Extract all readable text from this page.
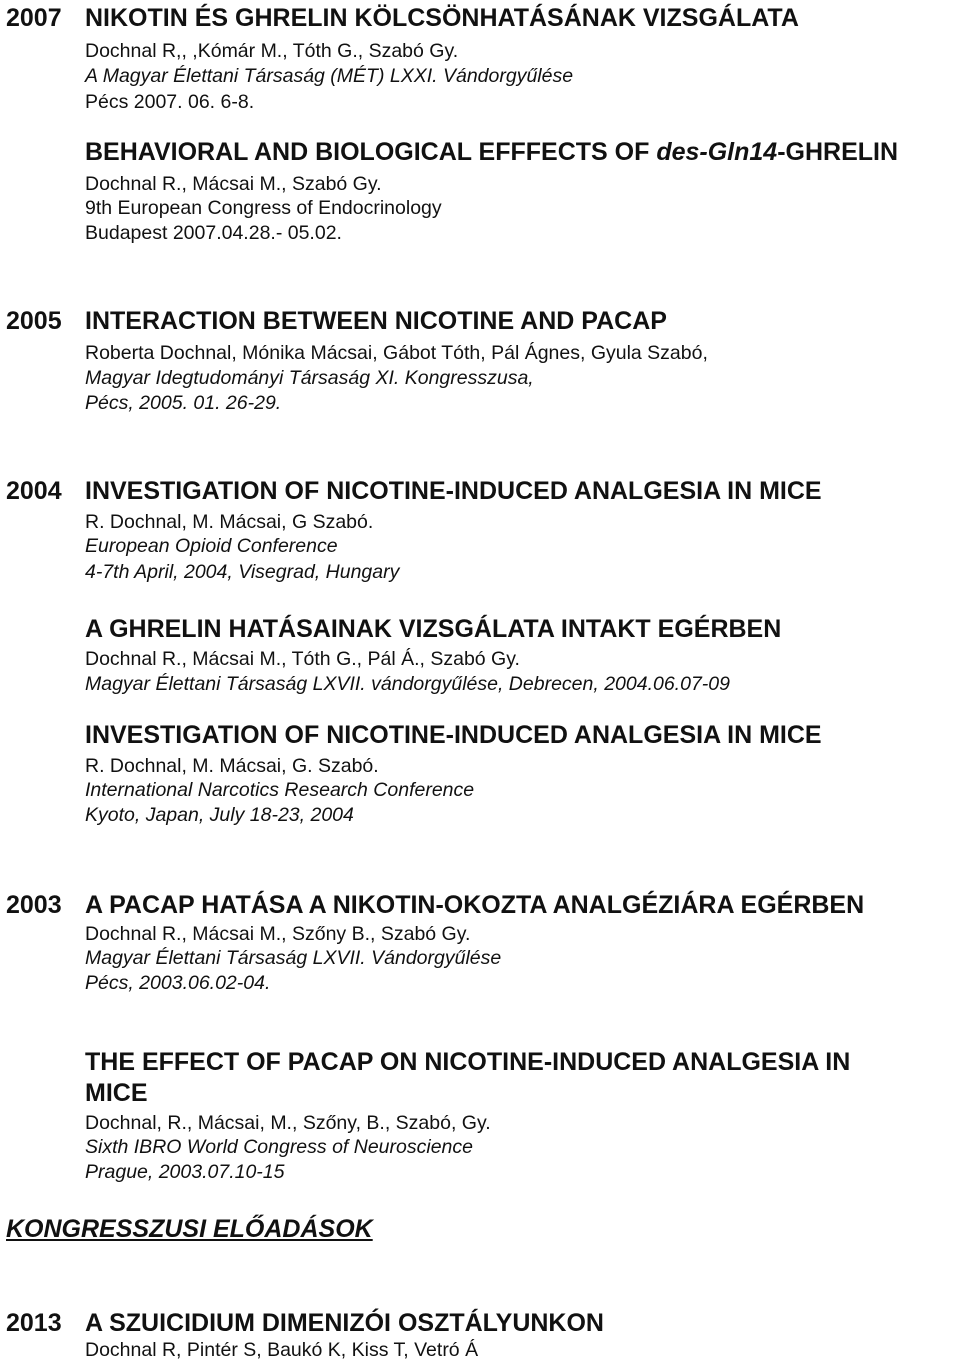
2007 NIKOTIN ÉS GHRELIN KÖLCSÖNHATÁSÁNAK VIZSGÁLATA
Dochnal R,, ,Kómár M., Tóth G., Szabó Gy.
A Magyar Élettani Társaság (MÉT) LXXI. Vándorgyűlése
Pécs 2007. 06. 6-8.
BEHAVIORAL AND BIOLOGICAL EFFFECTS OF des-Gln14-GHRELIN
Dochnal R., Mácsai M., Szabó Gy.
9th European Congress of Endocrinology
Budapest 2007.04.28.- 05.02.
2005 INTERACTION BETWEEN NICOTINE AND PACAP
Roberta Dochnal, Mónika Mácsai, Gábot Tóth, Pál Ágnes, Gyula Szabó,
Magyar Idegtudományi Társaság XI. Kongresszusa,
Pécs, 2005. 01. 26-29.
2004 INVESTIGATION OF NICOTINE-INDUCED ANALGESIA IN MICE
R. Dochnal, M. Mácsai, G Szabó.
European Opioid Conference
4-7th April, 2004, Visegrad, Hungary
A GHRELIN HATÁSAINAK VIZSGÁLATA INTAKT EGÉRBEN
Dochnal R., Mácsai M., Tóth G., Pál Á., Szabó Gy.
Magyar Élettani Társaság LXVII. vándorgyűlése, Debrecen, 2004.06.07-09
INVESTIGATION OF NICOTINE-INDUCED ANALGESIA IN MICE
R. Dochnal, M. Mácsai, G. Szabó.
International Narcotics Research Conference
Kyoto, Japan, July 18-23, 2004
2003 A PACAP HATÁSA A NIKOTIN-OKOZTA ANALGÉZIÁRA EGÉRBEN
Dochnal R., Mácsai M., Szőny B., Szabó Gy.
Magyar Élettani Társaság LXVII. Vándorgyűlése
Pécs, 2003.06.02-04.
THE EFFECT OF PACAP ON NICOTINE-INDUCED ANALGESIA IN
MICE
Dochnal, R., Mácsai, M., Szőny, B., Szabó, Gy.
Sixth IBRO World Congress of Neuroscience
Prague, 2003.07.10-15
KONGRESSZUSI ELŐADÁSOK
2013 A SZUICIDIUM DIMENIZÓI OSZTÁLYUNKON
Dochnal R, Pintér S, Baukó K, Kiss T, Vetró Á
